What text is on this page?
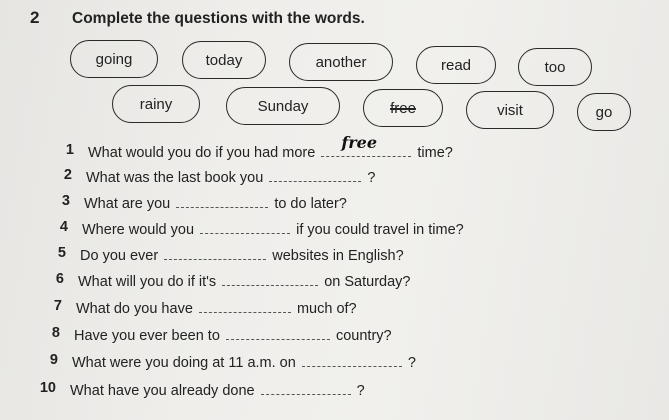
2 Complete the questions with the words.
going	today	another	read	too
rainy	Sunday	free	visit	go
1 What would you do if you had more
free
time?
2 What was the last book you	?
3 What are you	to do later?
4 Where would you	if you could travel in time?
5 Do you ever	websites in English?
6 What will you do if it's	on Saturday?
7 What do you have	much of?
8 Have you ever been to	country?
9 What were you doing at 11 a.m. on	?
10 What have you already done	?
